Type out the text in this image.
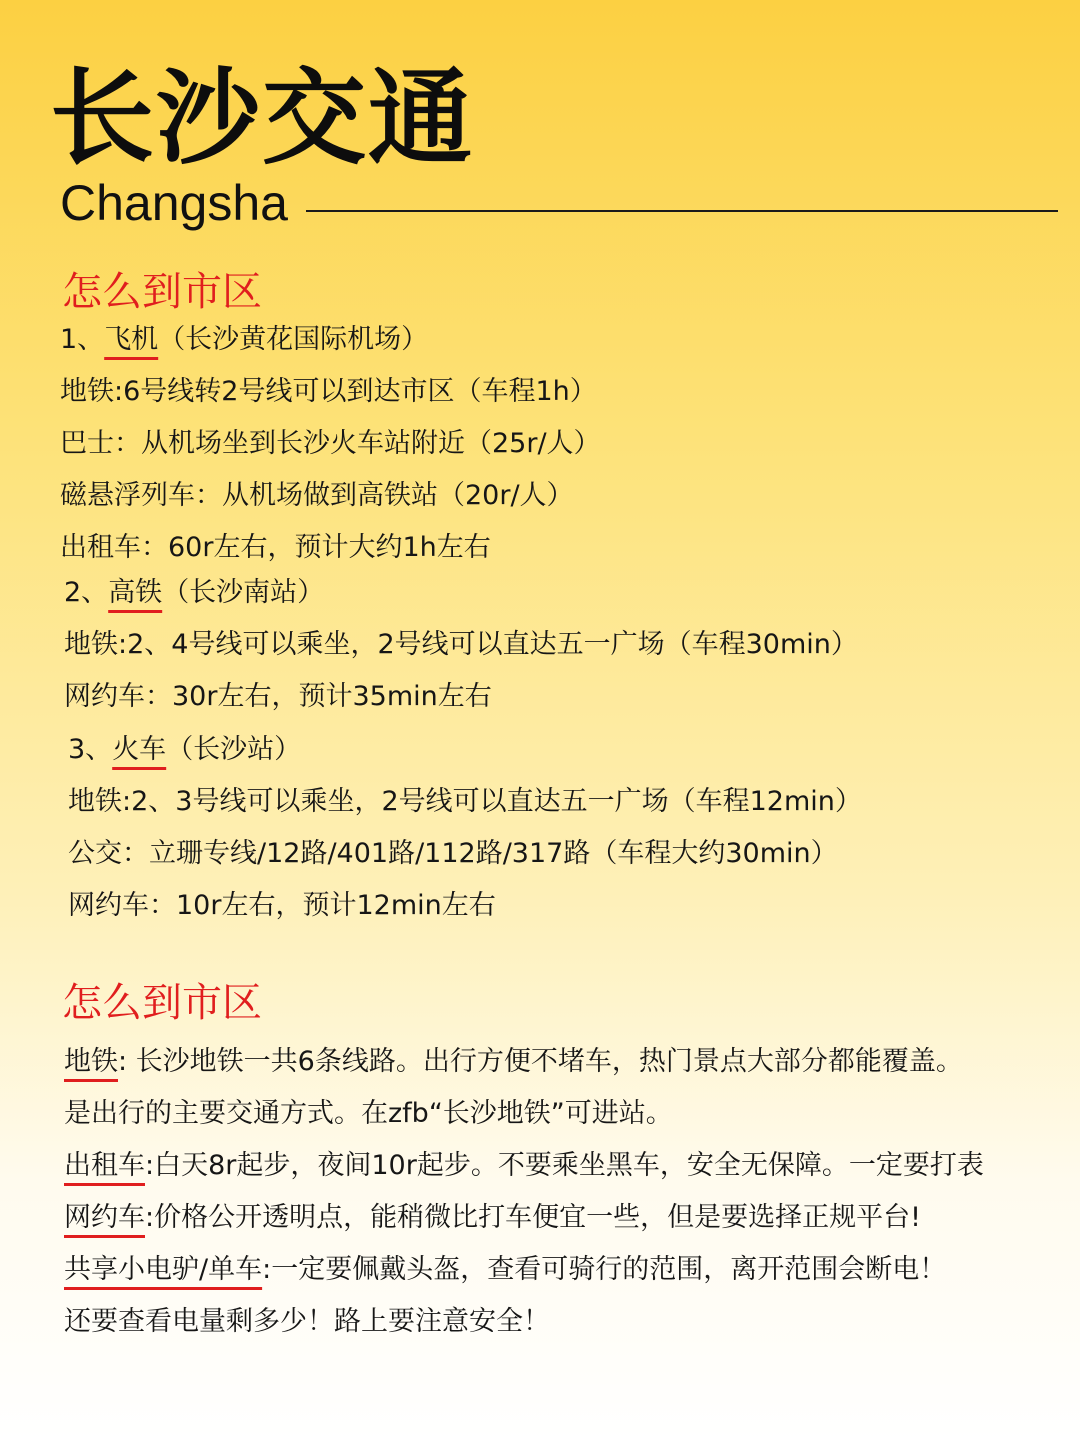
长沙交通
Changsha
怎么到市区
1、飞机（长沙黄花国际机场）
地铁:6号线转2号线可以到达市区（车程1h）
巴士：从机场坐到长沙火车站附近（25r/人）
磁悬浮列车：从机场做到高铁站（20r/人）
出租车：60r左右，预计大约1h左右
2、高铁（长沙南站）
地铁:2、4号线可以乘坐，2号线可以直达五一广场（车程30min）
网约车：30r左右，预计35min左右
3、火车（长沙站）
地铁:2、3号线可以乘坐，2号线可以直达五一广场（车程12min）
公交：立珊专线/12路/401路/112路/317路（车程大约30min）
网约车：10r左右，预计12min左右
怎么到市区
地铁: 长沙地铁一共6条线路。出行方便不堵车，热门景点大部分都能覆盖。
是出行的主要交通方式。在zfb“长沙地铁”可进站。
出租车:白天8r起步，夜间10r起步。不要乘坐黑车，安全无保障。一定要打表
网约车:价格公开透明点，能稍微比打车便宜一些，但是要选择正规平台!
共享小电驴/单车:一定要佩戴头盔，查看可骑行的范围，离开范围会断电！
还要查看电量剩多少！路上要注意安全！
